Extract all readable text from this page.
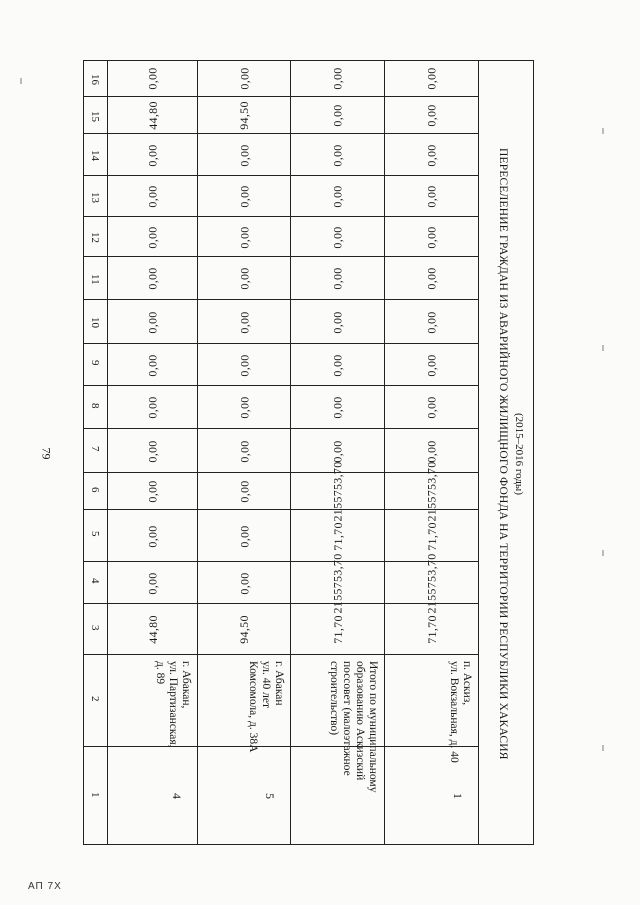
79
АП 7Х
16
15
14
13
12
11
10
9
8
7
6
5
4
3
2
1
0,00
44,80
0,00
0,00
0,00
0,00
0,00
0,00
0,00
0,00
0,00
0,00
0,00
44,80
г. Абакан,
ул. Партизанская,
д. 89
4
0,00
94,50
0,00
0,00
0,00
0,00
0,00
0,00
0,00
0,00
0,00
0,00
0,00
94,50
г. Абакан
ул. 40 лет
Комсомола, д. 38А
5
0,00
0,00
0,00
0,00
0,00
0,00
0,00
0,00
0,00
0,00
2155753,70
71,70
2155753,70
71,70
Итого по муниципальному
образованию Аскизский
поссовет (малоэтажное
строительство)
0,00
0,00
0,00
0,00
0,00
0,00
0,00
0,00
0,00
0,00
2155753,70
71,70
2155753,70
71,70
п. Аскиз,
ул. Вокзальная, д. 40
1
ПЕРЕСЕЛЕНИЕ ГРАЖДАН ИЗ АВАРИЙНОГО ЖИЛИЩНОГО ФОНДА НА ТЕРРИТОРИИ РЕСПУБЛИКИ ХАКАСИЯ (2015–2016 годы)
